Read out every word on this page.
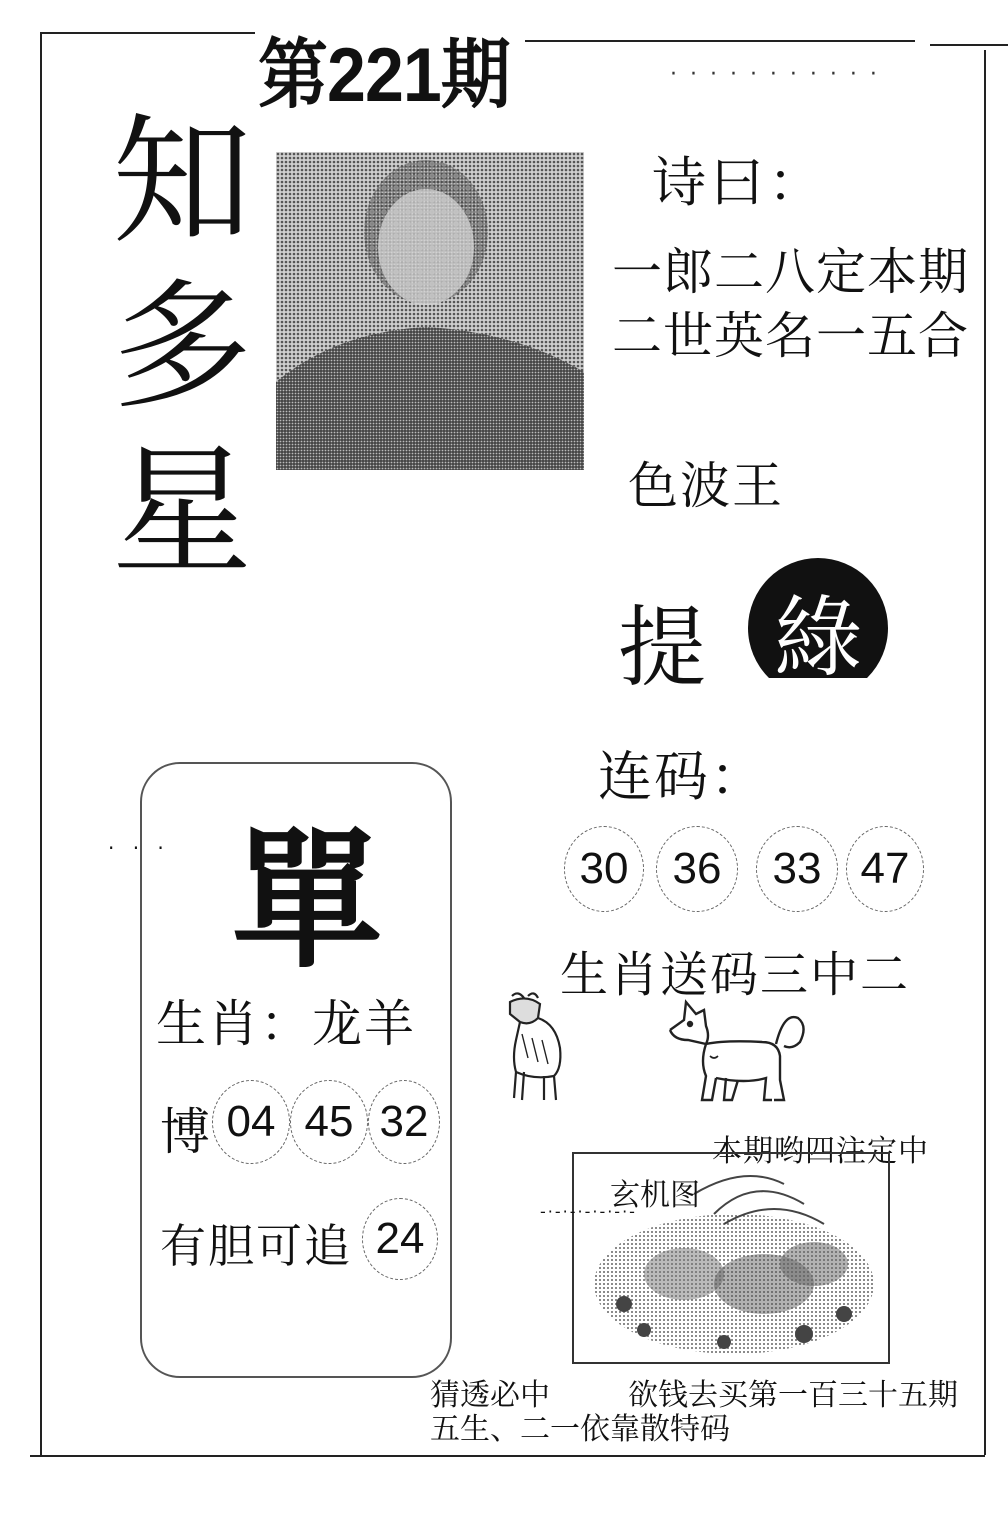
· · · · · · · · · · ·
第221期
知
多
星
诗曰：
一郎二八定本期
二世英名一五合
色波王
提 綠
· · · 單
生肖：龙羊
博 04 45 32
有胆可追 24
连码：
30	36	33 47
生肖送码三中二
本期哟四注定中
玄机图
-·-·-·-·-·-·-
猜透必中	欲钱去买第一百三十五期
五生、二一依靠散特码
